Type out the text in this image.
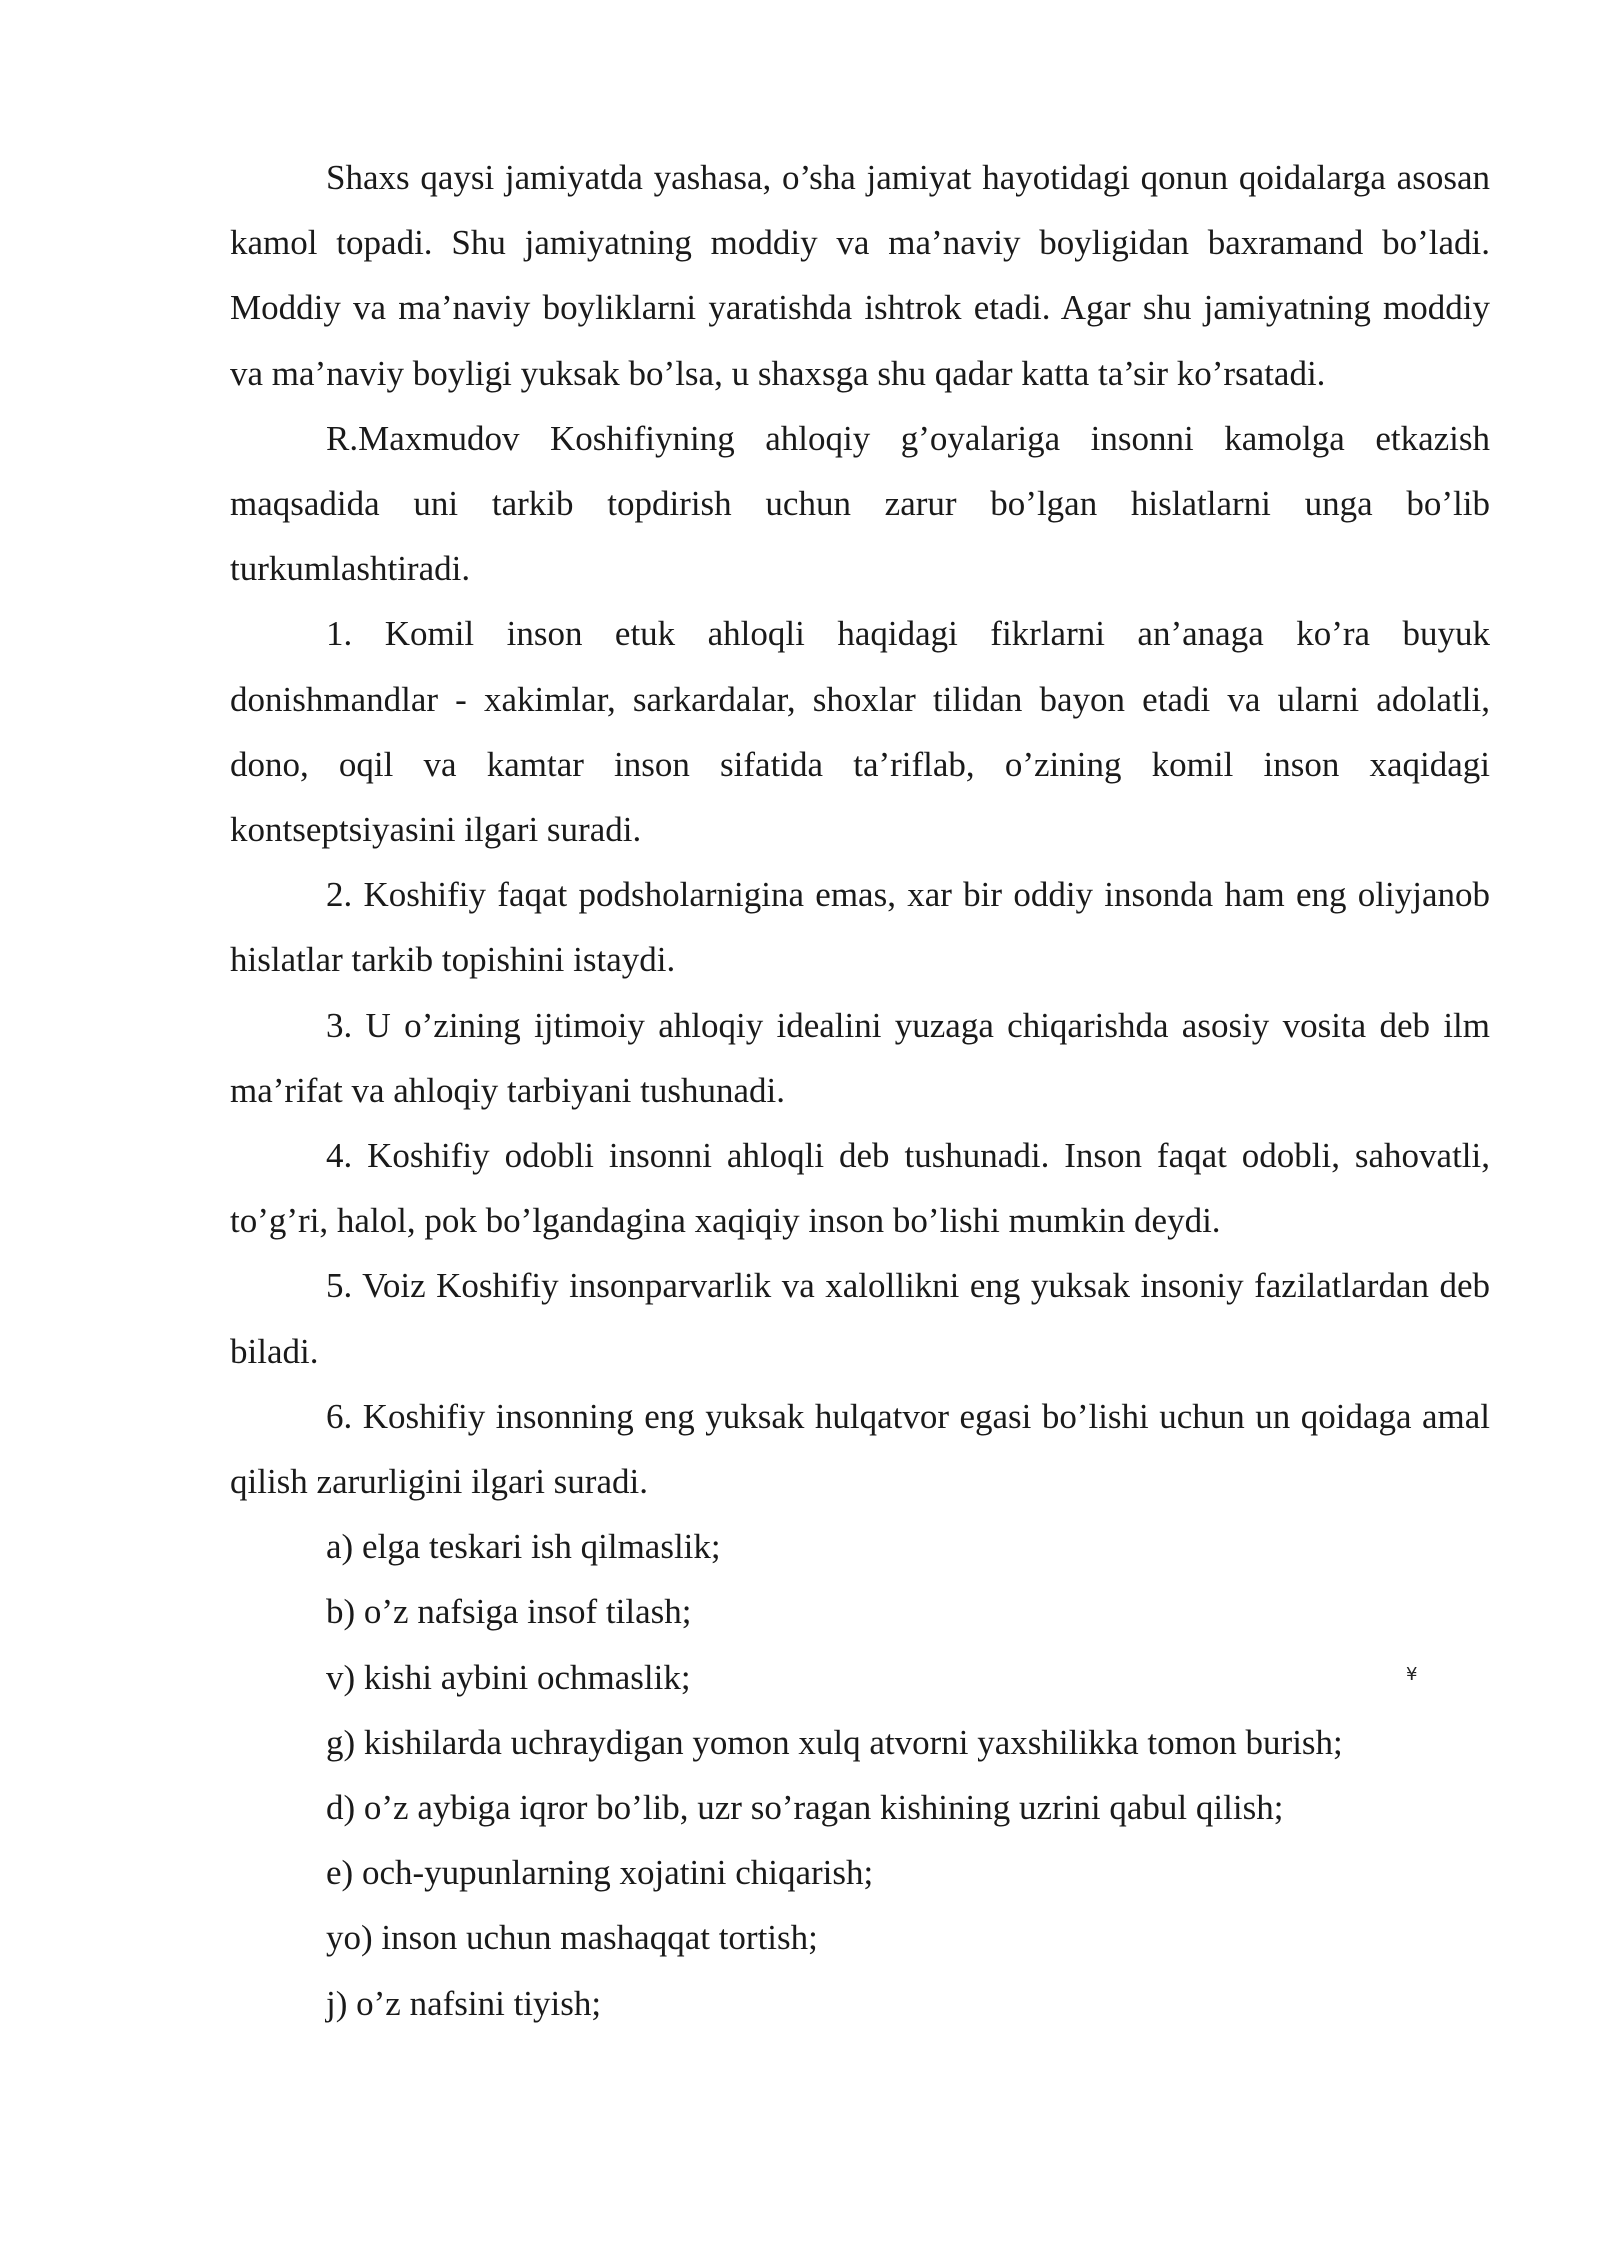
Shaxs qaysi jamiyatda yashasa, o’sha jamiyat hayotidagi qonun qoidalarga asosan kamol topadi. Shu jamiyatning moddiy va ma’naviy boyligidan baxramand bo’ladi. Moddiy va ma’naviy boyliklarni yaratishda ishtrok etadi. Agar shu jamiyatning moddiy va ma’naviy boyligi yuksak bo’lsa, u shaxsga shu qadar katta ta’sir ko’rsatadi.

R.Maxmudov Koshifiyning ahloqiy g’oyalariga insonni kamolga etkazish maqsadida uni tarkib topdirish uchun zarur bo’lgan hislatlarni unga bo’lib turkumlashtiradi.

1. Komil inson etuk ahloqli haqidagi fikrlarni an’anaga ko’ra buyuk donishmandlar - xakimlar, sarkardalar, shoxlar tilidan bayon etadi va ularni adolatli, dono, oqil va kamtar inson sifatida ta’riflab, o’zining komil inson xaqidagi kontseptsiyasini ilgari suradi.

2. Koshifiy faqat podsholarnigina emas, xar bir oddiy insonda ham eng oliyjanob hislatlar tarkib topishini istaydi.

3. U o’zining ijtimoiy ahloqiy idealini yuzaga chiqarishda asosiy vosita deb ilm ma’rifat va ahloqiy tarbiyani tushunadi.

4. Koshifiy odobli insonni ahloqli deb tushunadi. Inson faqat odobli, sahovatli, to’g’ri, halol, pok bo’lgandagina xaqiqiy inson bo’lishi mumkin deydi.

5. Voiz Koshifiy insonparvarlik va xalollikni eng yuksak insoniy fazilatlardan deb biladi.

6. Koshifiy insonning eng yuksak hulqatvor egasi bo’lishi uchun un qoidaga amal qilish zarurligini ilgari suradi.

a) elga teskari ish qilmaslik;

b) o’z nafsiga insof tilash;

v) kishi aybini ochmaslik;

g) kishilarda uchraydigan yomon xulq atvorni yaxshilikka tomon burish;

d) o’z aybiga iqror bo’lib, uzr so’ragan kishining uzrini qabul qilish;

e) och-yupunlarning xojatini chiqarish;

yo) inson uchun mashaqqat tortish;

j) o’z nafsini tiyish;

¥
